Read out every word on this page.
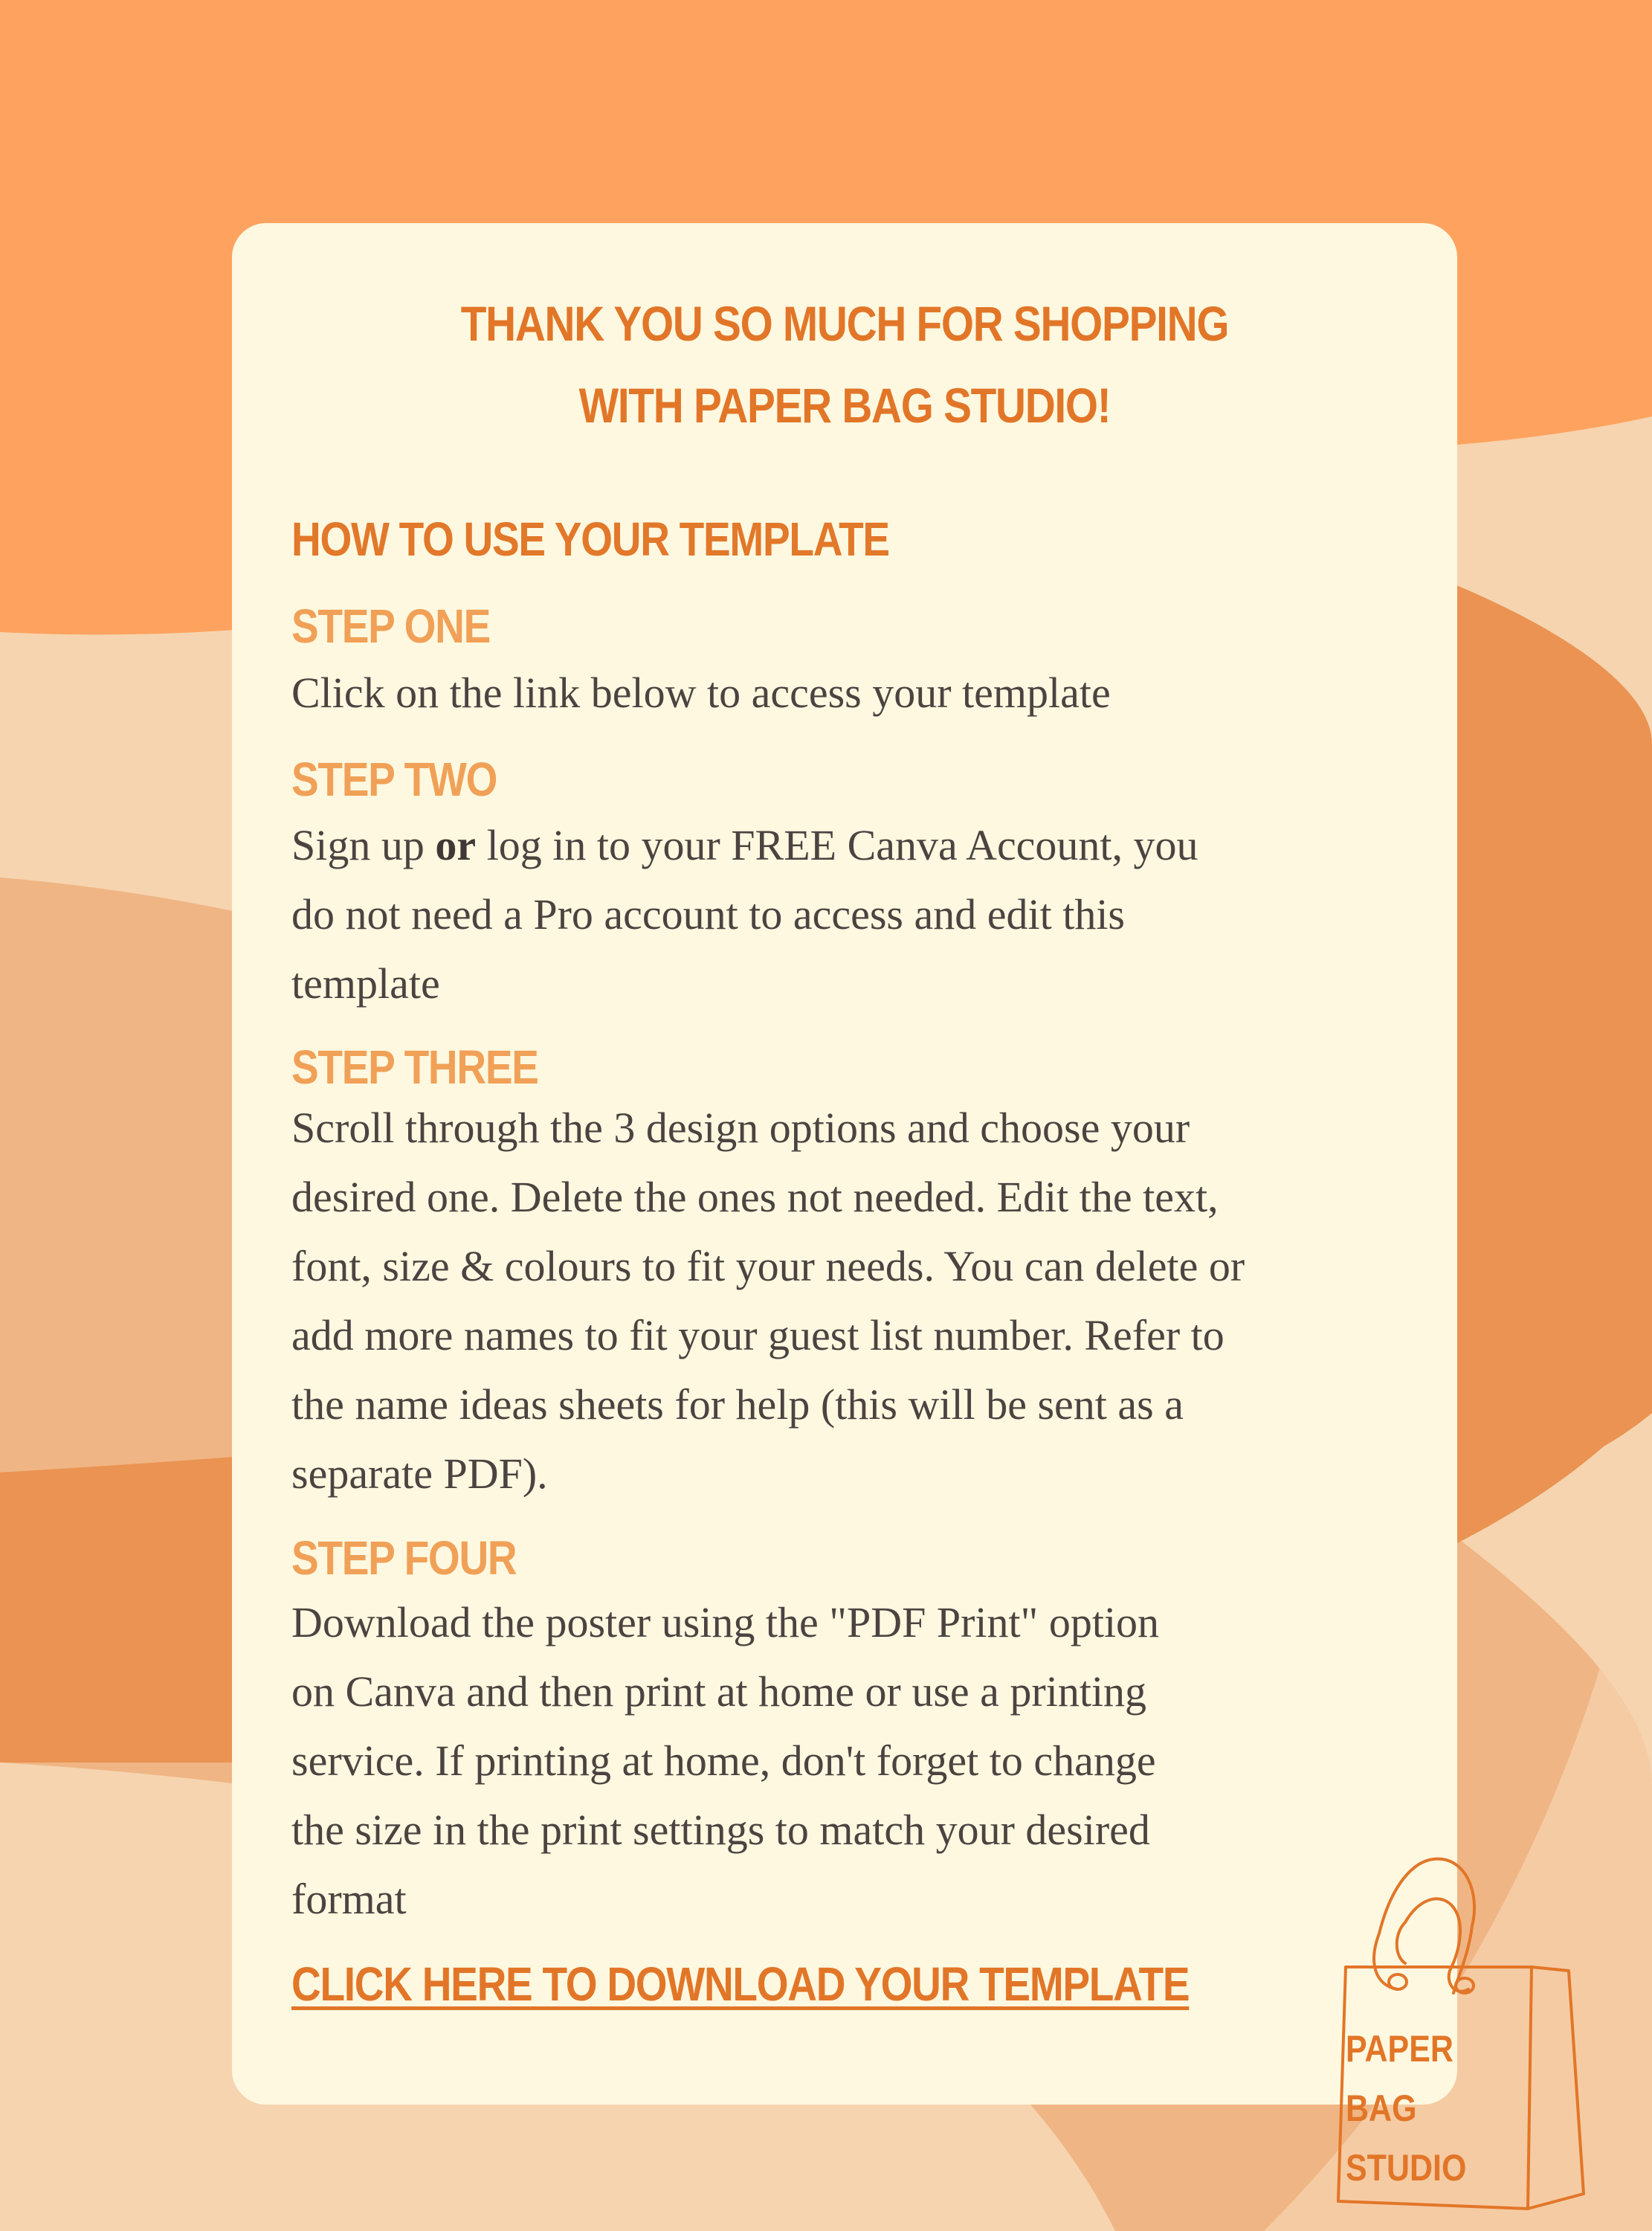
THANK YOU SO MUCH FOR SHOPPING
WITH PAPER BAG STUDIO!
HOW TO USE YOUR TEMPLATE
STEP ONE
Click on the link below to access your template
STEP TWO
Sign up or log in to your FREE Canva Account, you
do not need a Pro account to access and edit this
template
STEP THREE
Scroll through the 3 design options and choose your
desired one. Delete the ones not needed. Edit the text,
font, size & colours to fit your needs. You can delete or
add more names to fit your guest list number. Refer to
the name ideas sheets for help (this will be sent as a
separate PDF).
STEP FOUR
Download the poster using the "PDF Print" option
on Canva and then print at home or use a printing
service. If printing at home, don't forget to change
the size in the print settings to match your desired
format
CLICK HERE TO DOWNLOAD YOUR TEMPLATE
PAPER
BAG
STUDIO
